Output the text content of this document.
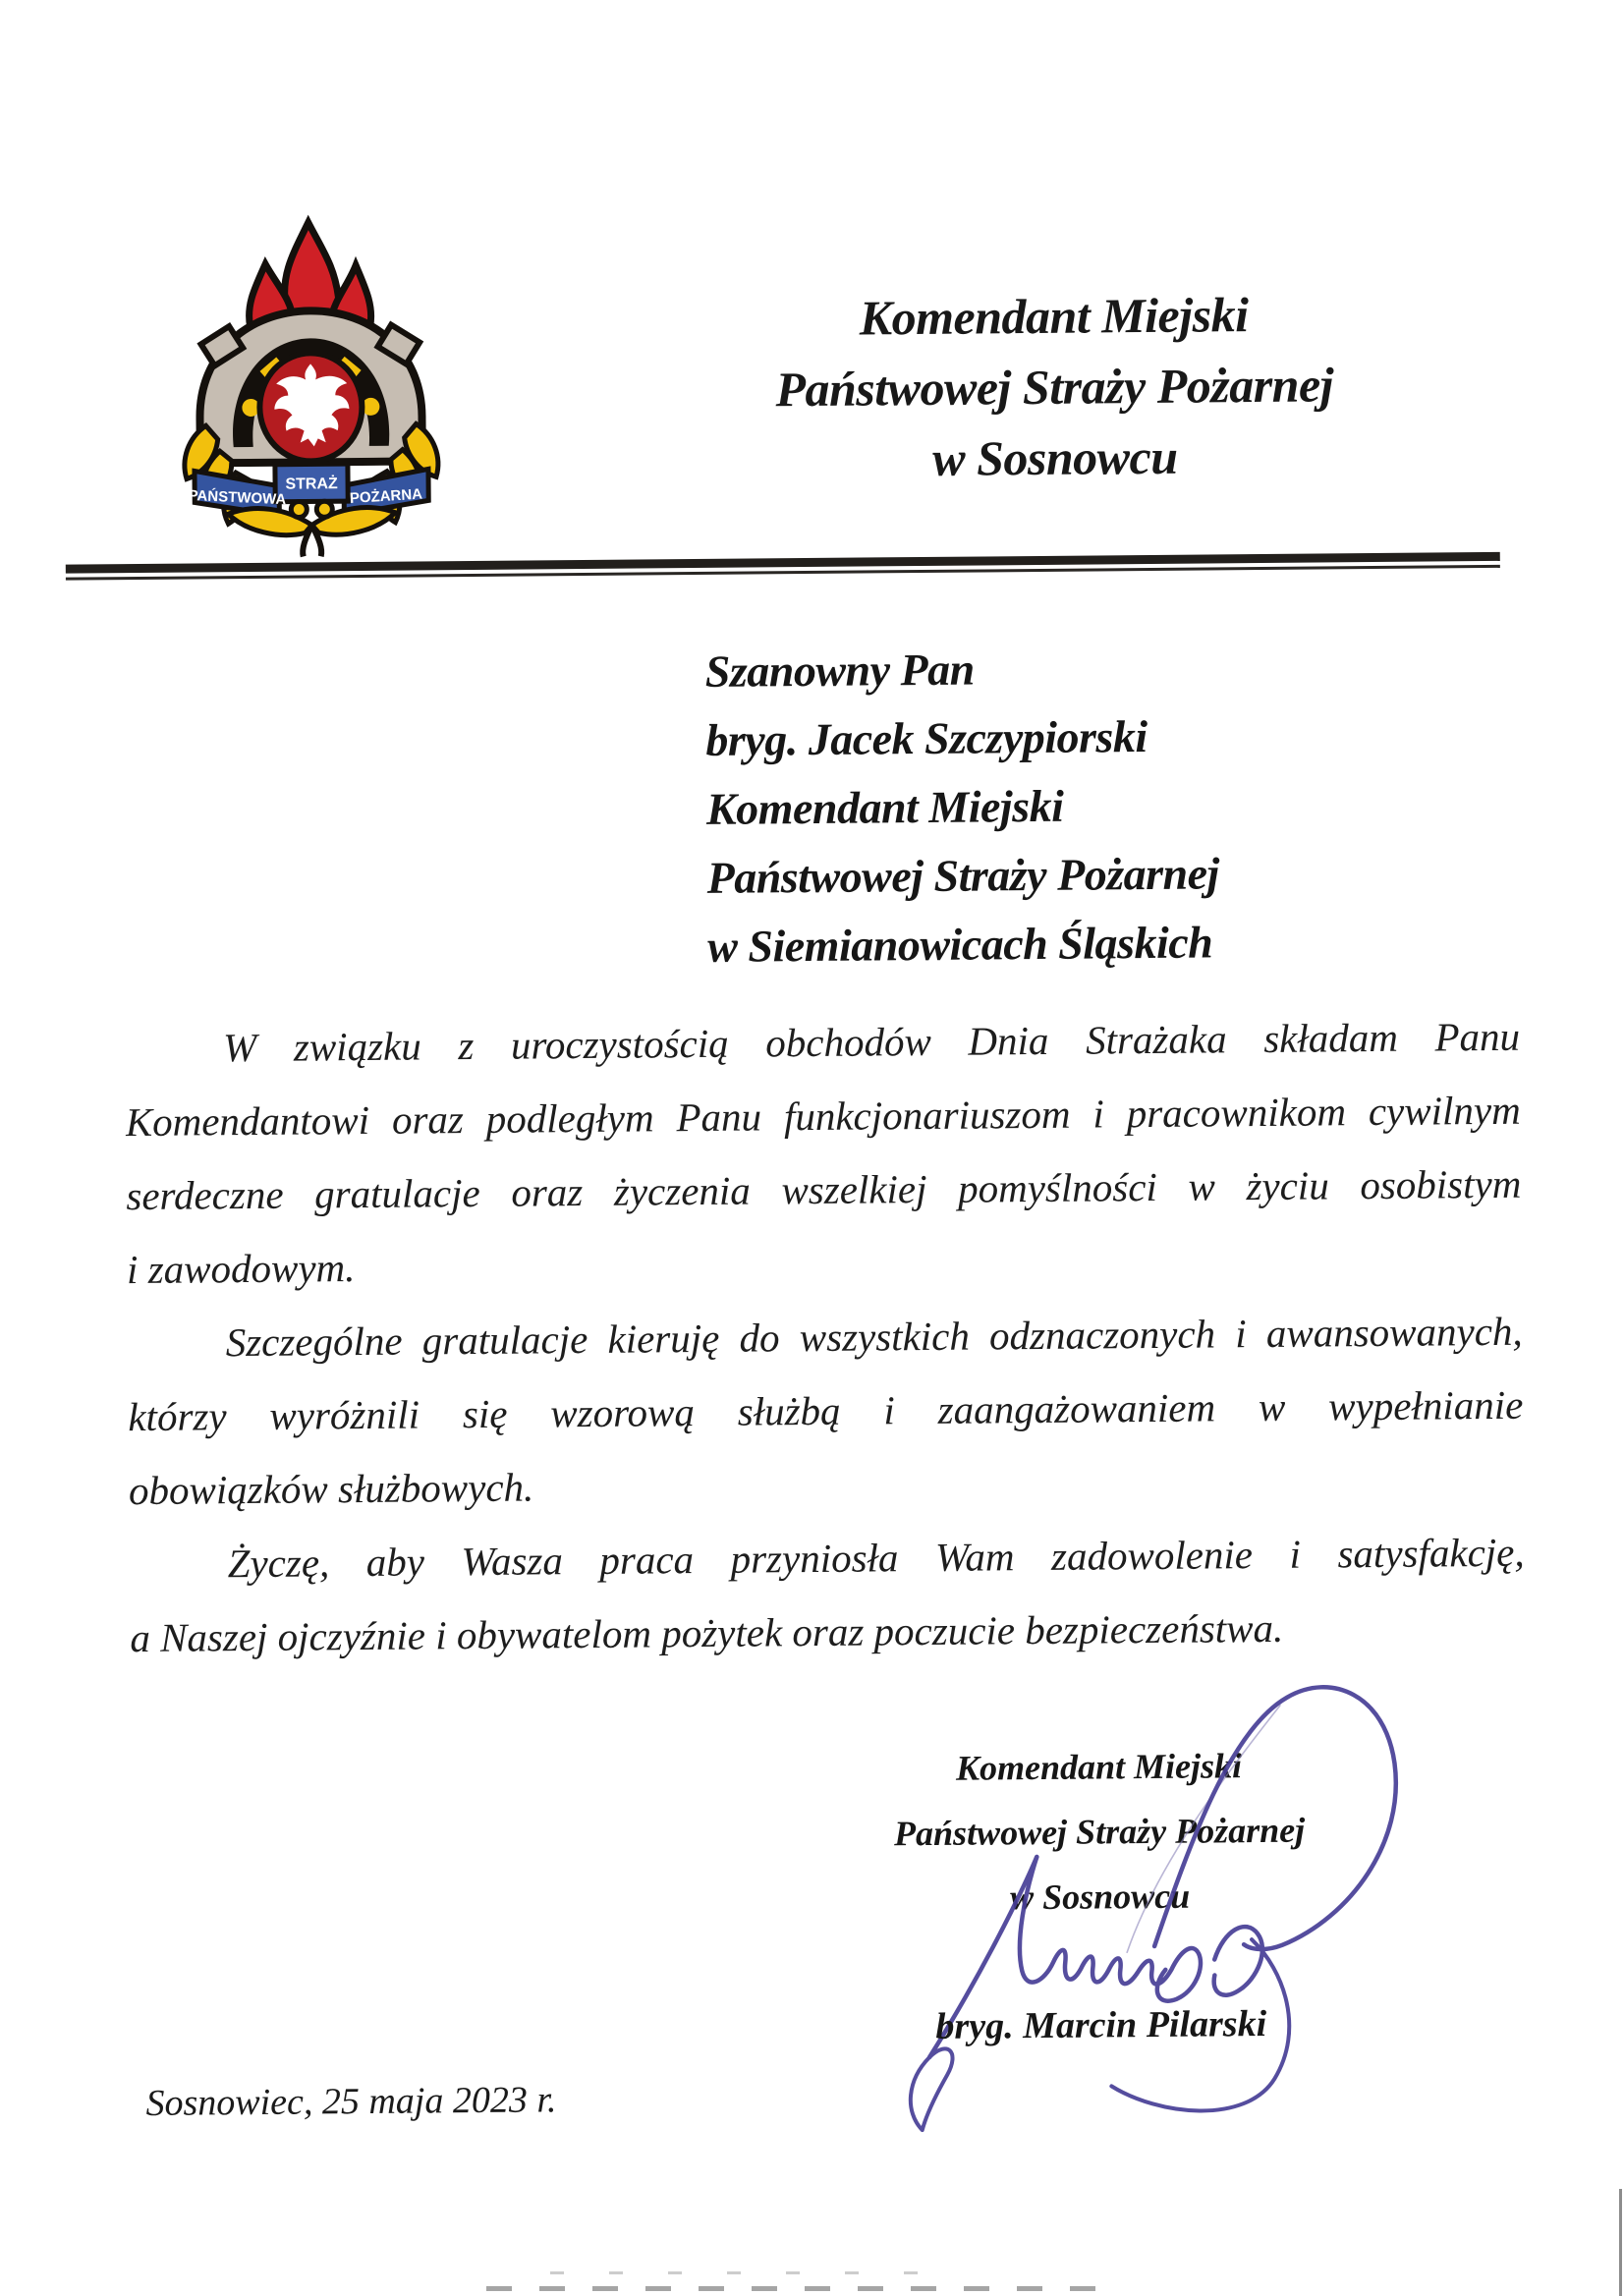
PAŃSTWOWA
STRAŻ
POŻARNA
Komendant Miejski
Państwowej Straży Pożarnej
w Sosnowcu
Szanowny Pan
bryg. Jacek Szczypiorski
Komendant Miejski
Państwowej Straży Pożarnej
w Siemianowicach Śląskich
W związku z uroczystością obchodów Dnia Strażaka składam Panu
Komendantowi oraz podległym Panu funkcjonariuszom i pracownikom cywilnym
serdeczne gratulacje oraz życzenia wszelkiej pomyślności w życiu osobistym
i zawodowym.
Szczególne gratulacje kieruję do wszystkich odznaczonych i awansowanych,
którzy wyróżnili się wzorową służbą i zaangażowaniem w wypełnianie
obowiązków służbowych.
Życzę, aby Wasza praca przyniosła Wam zadowolenie i satysfakcję,
a Naszej ojczyźnie i obywatelom pożytek oraz poczucie bezpieczeństwa.
Komendant Miejski
Państwowej Straży Pożarnej
w Sosnowcu
bryg. Marcin Pilarski
Sosnowiec, 25 maja 2023 r.
